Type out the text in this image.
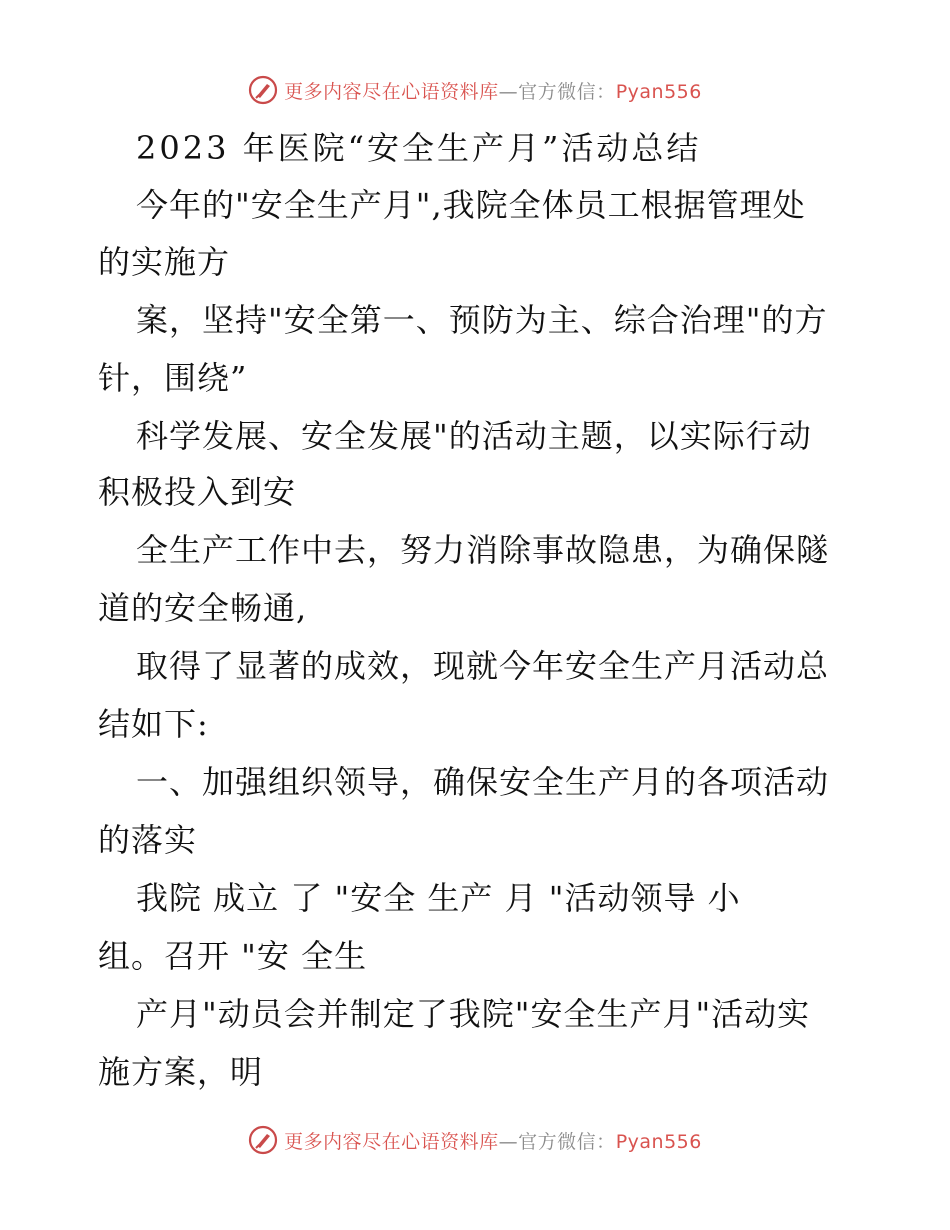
更多内容尽在心语资料库—官方微信：Pyan556
2023 年医院“安全生产月”活动总结
今年的"安全生产月",我院全体员工根据管理处
的实施方
案，坚持"安全第一、预防为主、综合治理"的方
针，围绕”
科学发展、安全发展"的活动主题，以实际行动
积极投入到安
全生产工作中去，努力消除事故隐患，为确保隧
道的安全畅通,
取得了显著的成效，现就今年安全生产月活动总
结如下:
一、加强组织领导，确保安全生产月的各项活动
的落实
我院 成立 了 "安全 生产 月 "活动领导 小
组。召开 "安 全生
产月"动员会并制定了我院"安全生产月"活动实
施方案，明
更多内容尽在心语资料库—官方微信：Pyan556
